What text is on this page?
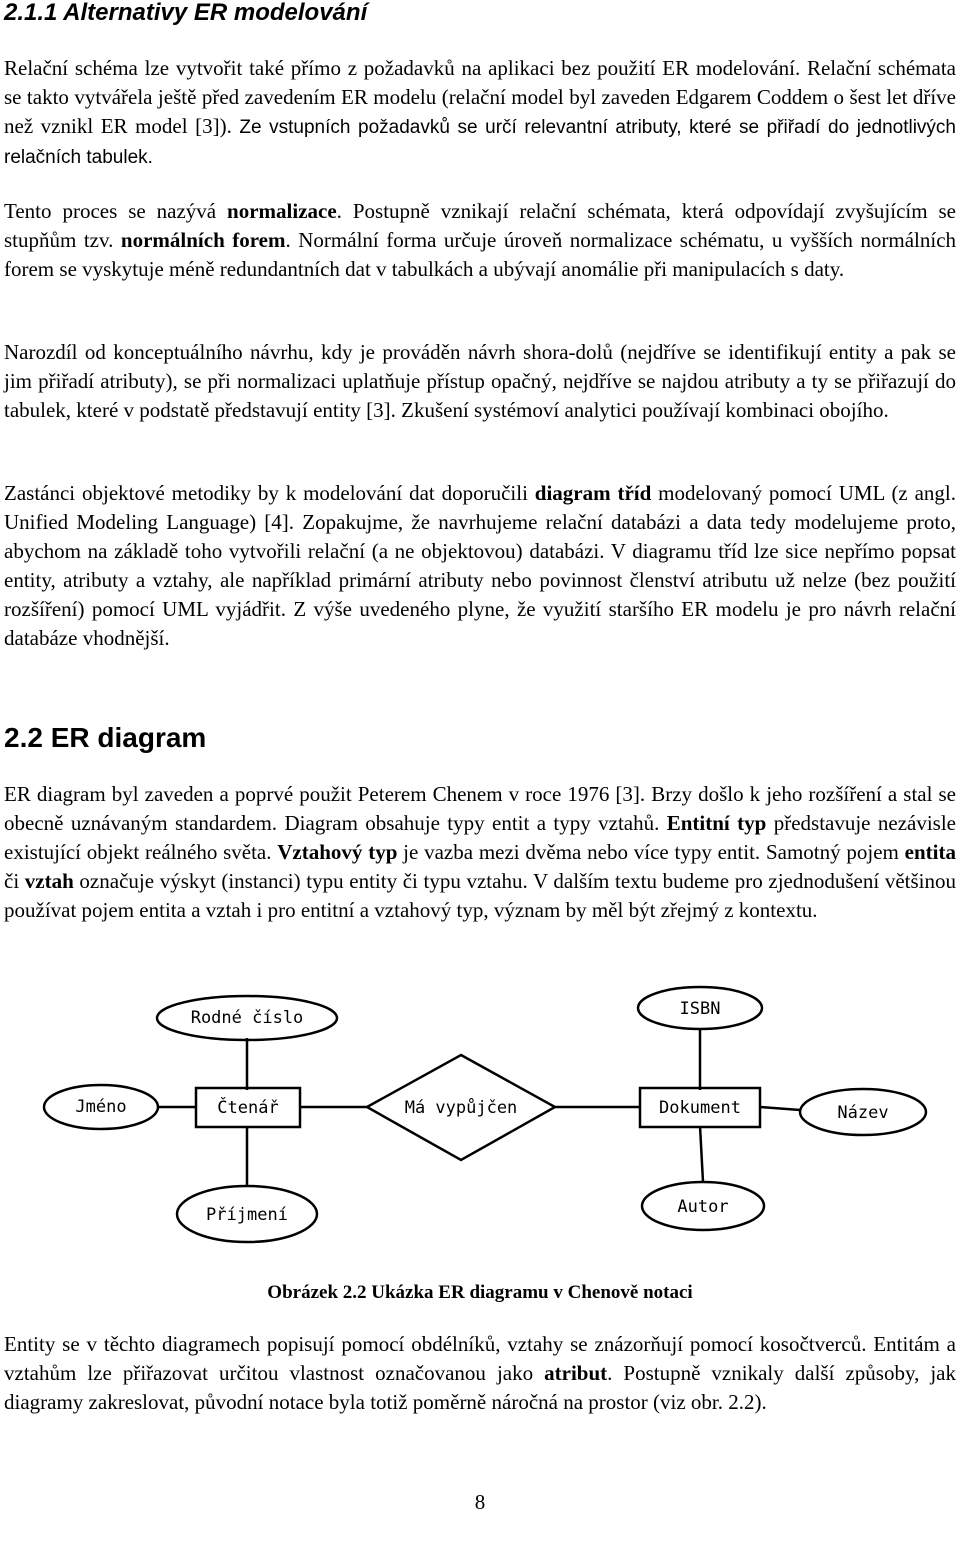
2.1.1 Alternativy ER modelování

Relační schéma lze vytvořit také přímo z požadavků na aplikaci bez použití ER modelování. Relační schémata se takto vytvářela ještě před zavedením ER modelu (relační model byl zaveden Edgarem Coddem o šest let dříve než vznikl ER model [3]). Ze vstupních požadavků se určí relevantní atributy, které se přiřadí do jednotlivých relačních tabulek.

Tento proces se nazývá normalizace. Postupně vznikají relační schémata, která odpovídají zvyšujícím se stupňům tzv. normálních forem. Normální forma určuje úroveň normalizace schématu, u vyšších normálních forem se vyskytuje méně redundantních dat v tabulkách a ubývají anomálie při manipulacích s daty.

Narozdíl od konceptuálního návrhu, kdy je prováděn návrh shora-dolů (nejdříve se identifikují entity a pak se jim přiřadí atributy), se při normalizaci uplatňuje přístup opačný, nejdříve se najdou atributy a ty se přiřazují do tabulek, které v podstatě představují entity [3]. Zkušení systémoví analytici používají kombinaci obojího.

Zastánci objektové metodiky by k modelování dat doporučili diagram tříd modelovaný pomocí UML (z angl. Unified Modeling Language) [4]. Zopakujme, že navrhujeme relační databázi a data tedy modelujeme proto, abychom na základě toho vytvořili relační (a ne objektovou) databázi. V diagramu tříd lze sice nepřímo popsat entity, atributy a vztahy, ale například primární atributy nebo povinnost členství atributu už nelze (bez použití rozšíření) pomocí UML vyjádřit. Z výše uvedeného plyne, že využití staršího ER modelu je pro návrh relační databáze vhodnější.

2.2 ER diagram

ER diagram byl zaveden a poprvé použit Peterem Chenem v roce 1976 [3]. Brzy došlo k jeho rozšíření a stal se obecně uznávaným standardem. Diagram obsahuje typy entit a typy vztahů. Entitní typ představuje nezávisle existující objekt reálného světa. Vztahový typ je vazba mezi dvěma nebo více typy entit. Samotný pojem entita či vztah označuje výskyt (instanci) typu entity či typu vztahu. V dalším textu budeme pro zjednodušení většinou používat pojem entita a vztah i pro entitní a vztahový typ, význam by měl být zřejmý z kontextu.

Rodné číslo
Jméno
Příjmení
ISBN
Název
Autor
Čtenář	Dokument
Má vypůjčen
Obrázek 2.2 Ukázka ER diagramu v Chenově notaci

Entity se v těchto diagramech popisují pomocí obdélníků, vztahy se znázorňují pomocí kosočtverců. Entitám a vztahům lze přiřazovat určitou vlastnost označovanou jako atribut. Postupně vznikaly další způsoby, jak diagramy zakreslovat, původní notace byla totiž poměrně náročná na prostor (viz obr. 2.2).

8
